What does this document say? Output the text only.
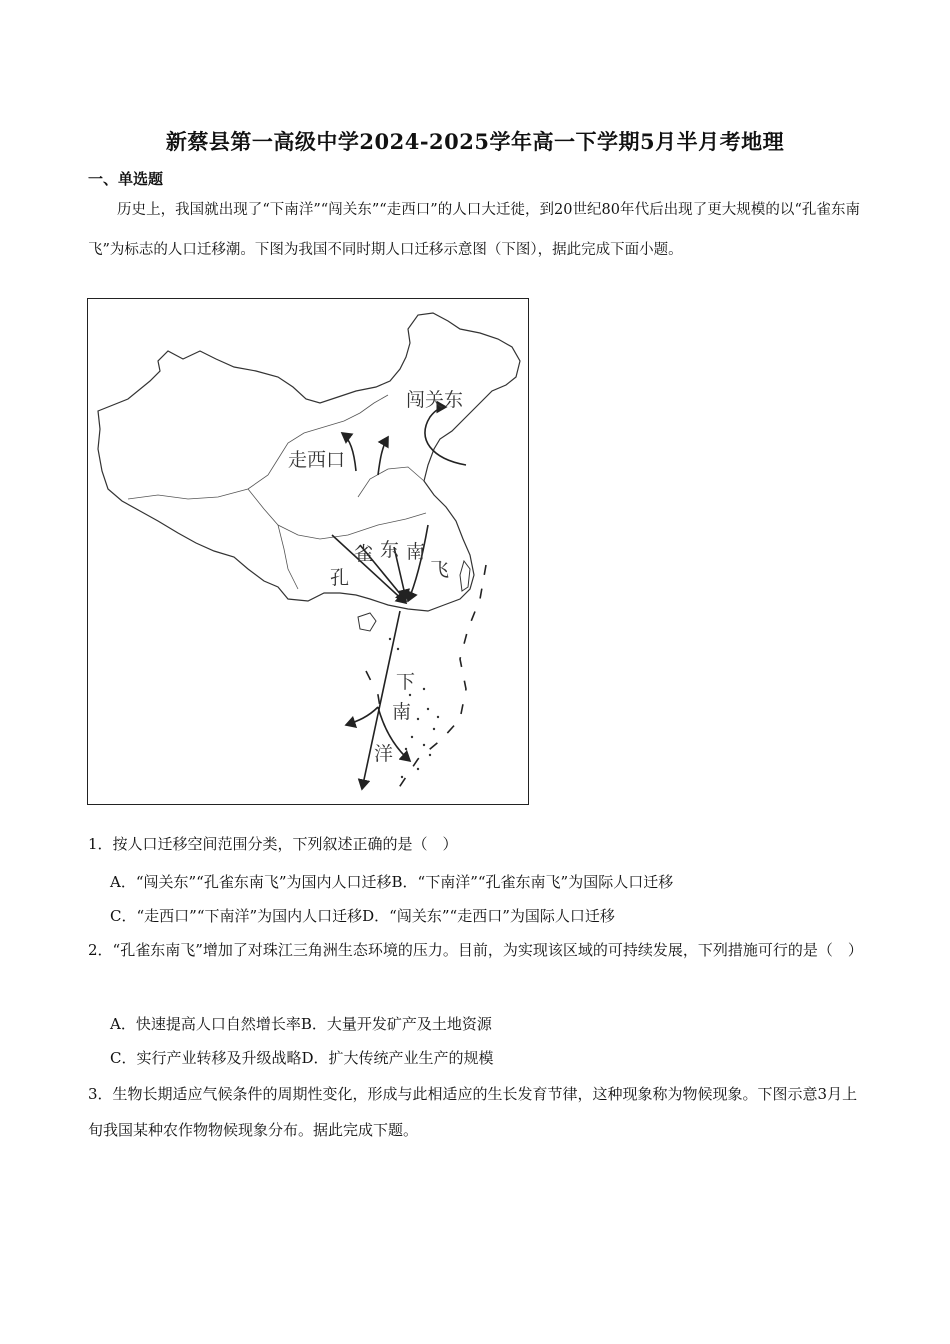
新蔡县第一高级中学2024-2025学年高一下学期5月半月考地理
一、单选题
历史上，我国就出现了“下南洋”“闯关东”“走西口”的人口大迁徙，到20世纪80年代后出现了更大规模的以“孔雀东南飞”为标志的人口迁移潮。下图为我国不同时期人口迁移示意图（下图），据此完成下面小题。
闯关东
走西口
孔
雀 东 南
飞
下
南
洋
1．按人口迁移空间范围分类，下列叙述正确的是（　）
A．“闯关东”“孔雀东南飞”为国内人口迁移B．“下南洋”“孔雀东南飞”为国际人口迁移
C．“走西口”“下南洋”为国内人口迁移D．“闯关东”“走西口”为国际人口迁移
2．“孔雀东南飞”增加了对珠江三角洲生态环境的压力。目前，为实现该区域的可持续发展，下列措施可行的是（　）
A．快速提高人口自然增长率B．大量开发矿产及土地资源
C．实行产业转移及升级战略D．扩大传统产业生产的规模
3．生物长期适应气候条件的周期性变化，形成与此相适应的生长发育节律，这种现象称为物候现象。下图示意3月上旬我国某种农作物物候现象分布。据此完成下题。
